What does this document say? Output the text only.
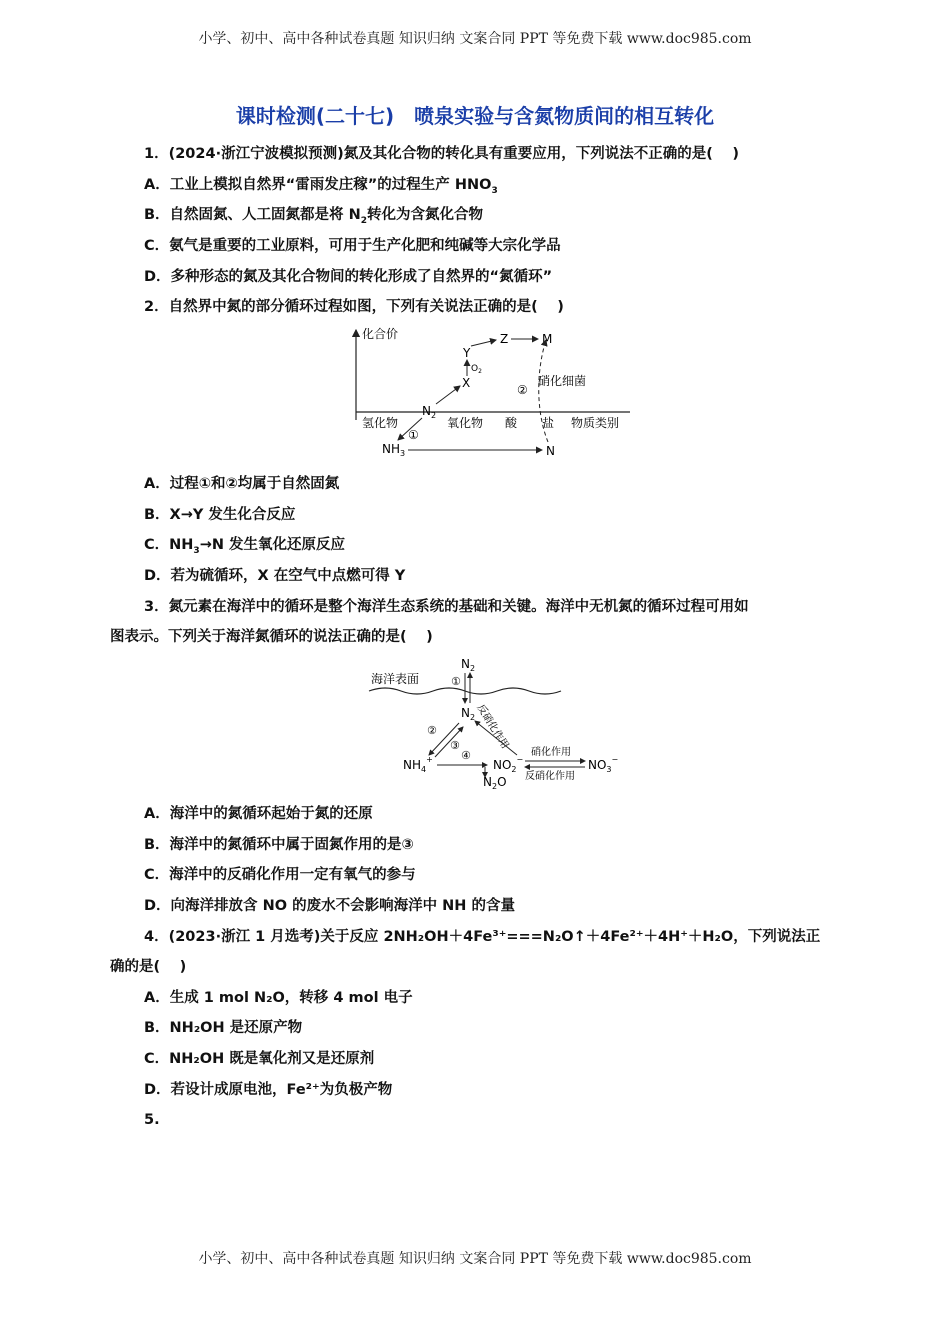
小学、初中、高中各种试卷真题 知识归纳 文案合同 PPT 等免费下载 www.doc985.com
课时检测(二十七)　喷泉实验与含氮物质间的相互转化
1．(2024·浙江宁波模拟预测)氮及其化合物的转化具有重要应用，下列说法不正确的是(　 )
A．工业上模拟自然界“雷雨发庄稼”的过程生产 $HNO_3$
B．自然固氮、人工固氮都是将 $N_2$转化为含氮化合物
C．氨气是重要的工业原料，可用于生产化肥和纯碱等大宗化学品
D．多种形态的氮及其化合物间的转化形成了自然界的“氮循环”
2．自然界中氮的部分循环过程如图，下列有关说法正确的是(　 )
化合价
物质类别
氢化物	氧化物 酸 盐
$N_2$
X
Y
Z	M
N
$NH_3$
$O_2$
①
②
硝化细菌
A．过程①和②均属于自然固氮
B．X→Y 发生化合反应
C．$NH_3\to N$ 发生氧化还原反应
D．若为硫循环，X 在空气中点燃可得 Y
3．氮元素在海洋中的循环是整个海洋生态系统的基础和关键。海洋中无机氮的循环过程可用如
图表示。下列关于海洋氮循环的说法正确的是(　 )
海洋表面
$N_2$
①
$N_2$ 反硝化作用
②
③
$NH_4^+$	④
$N_2O$
$NO_2^-$
硝化作用
反硝化作用
$NO_3^-$
A．海洋中的氮循环起始于氮的还原
B．海洋中的氮循环中属于固氮作用的是③
C．海洋中的反硝化作用一定有氧气的参与
D．向海洋排放含 NO 的废水不会影响海洋中 NH 的含量
4．(2023·浙江 1 月选考)关于反应 2NH₂OH＋4Fe³⁺===N₂O↑＋4Fe²⁺＋4H⁺＋H₂O，下列说法正
确的是(　 )
A．生成 1 mol N₂O，转移 4 mol 电子
B．NH₂OH 是还原产物
C．NH₂OH 既是氧化剂又是还原剂
D．若设计成原电池，Fe²⁺为负极产物
5.
小学、初中、高中各种试卷真题 知识归纳 文案合同 PPT 等免费下载 www.doc985.com
